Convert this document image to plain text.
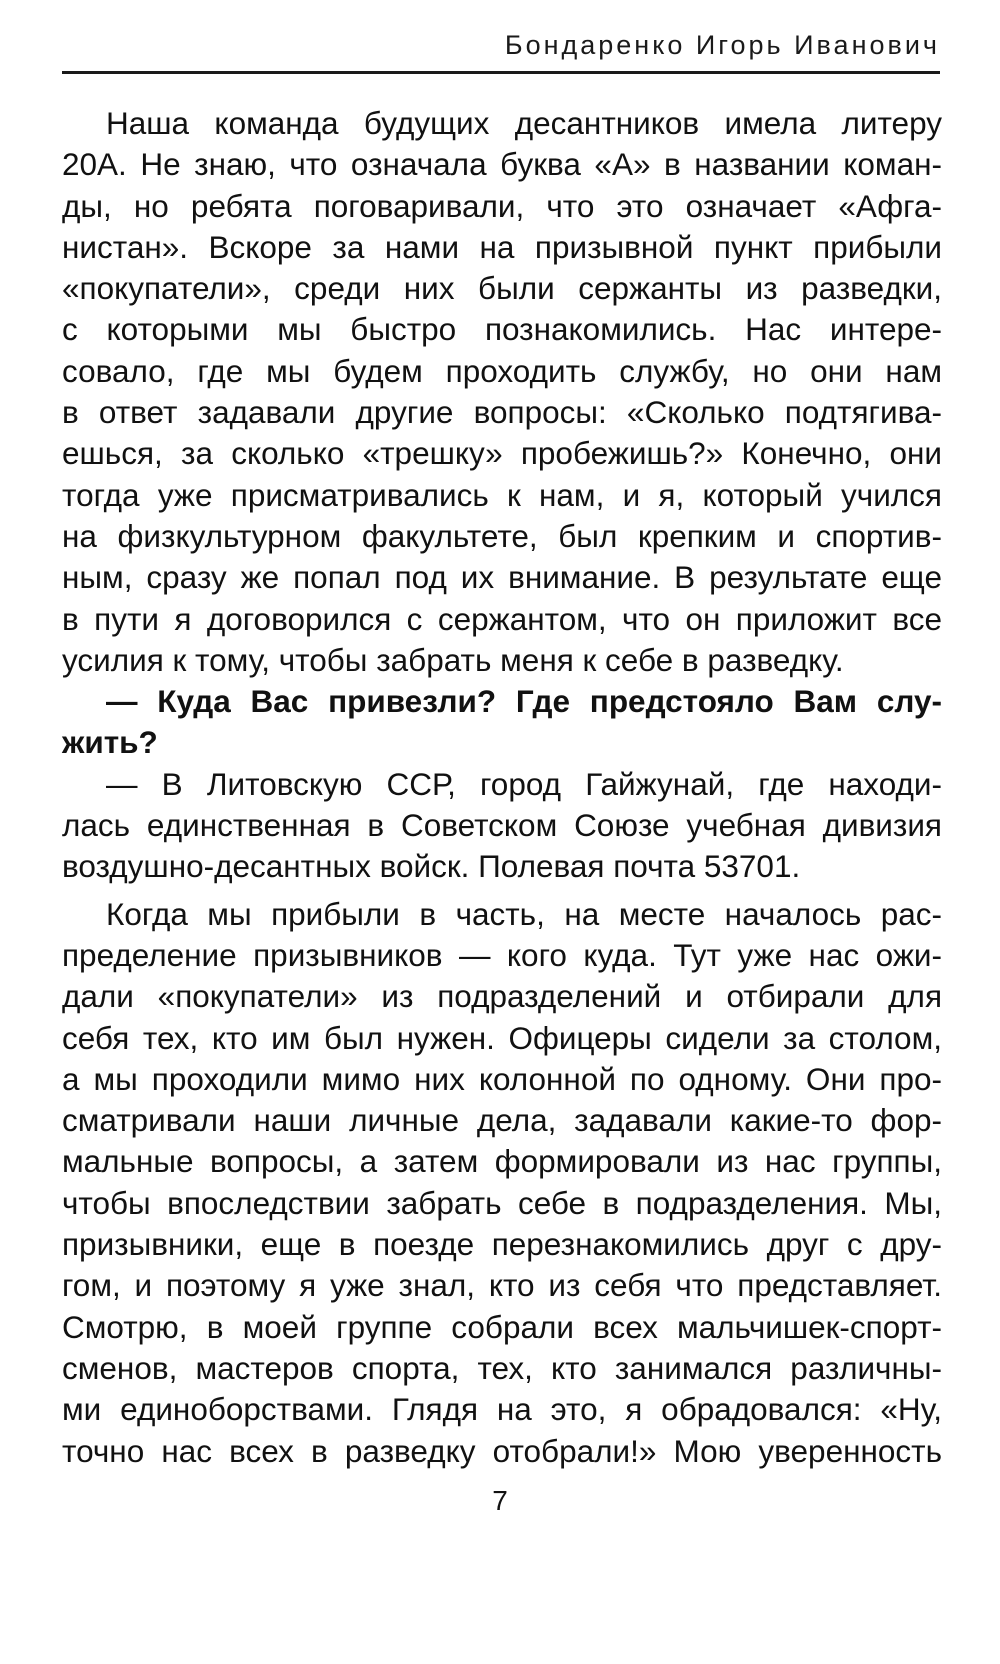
Бондаренко Игорь Иванович
Наша команда будущих десантников имела литеру
20А. Не знаю, что означала буква «А» в названии коман-
ды, но ребята поговаривали, что это означает «Афга-
нистан». Вскоре за нами на призывной пункт прибыли
«покупатели», среди них были сержанты из разведки,
с которыми мы быстро познакомились. Нас интере-
совало, где мы будем проходить службу, но они нам
в ответ задавали другие вопросы: «Сколько подтягива-
ешься, за сколько «трешку» пробежишь?» Конечно, они
тогда уже присматривались к нам, и я, который учился
на физкультурном факультете, был крепким и спортив-
ным, сразу же попал под их внимание. В результате еще
в пути я договорился с сержантом, что он приложит все
усилия к тому, чтобы забрать меня к себе в разведку.
— Куда Вас привезли? Где предстояло Вам слу-
жить?
— В Литовскую ССР, город Гайжунай, где находи-
лась единственная в Советском Союзе учебная дивизия
воздушно-десантных войск. Полевая почта 53701.
Когда мы прибыли в часть, на месте началось рас-
пределение призывников — кого куда. Тут уже нас ожи-
дали «покупатели» из подразделений и отбирали для
себя тех, кто им был нужен. Офицеры сидели за столом,
а мы проходили мимо них колонной по одному. Они про-
сматривали наши личные дела, задавали какие-то фор-
мальные вопросы, а затем формировали из нас группы,
чтобы впоследствии забрать себе в подразделения. Мы,
призывники, еще в поезде перезнакомились друг с дру-
гом, и поэтому я уже знал, кто из себя что представляет.
Смотрю, в моей группе собрали всех мальчишек-спорт-
сменов, мастеров спорта, тех, кто занимался различны-
ми единоборствами. Глядя на это, я обрадовался: «Ну,
точно нас всех в разведку отобрали!» Мою уверенность
7
